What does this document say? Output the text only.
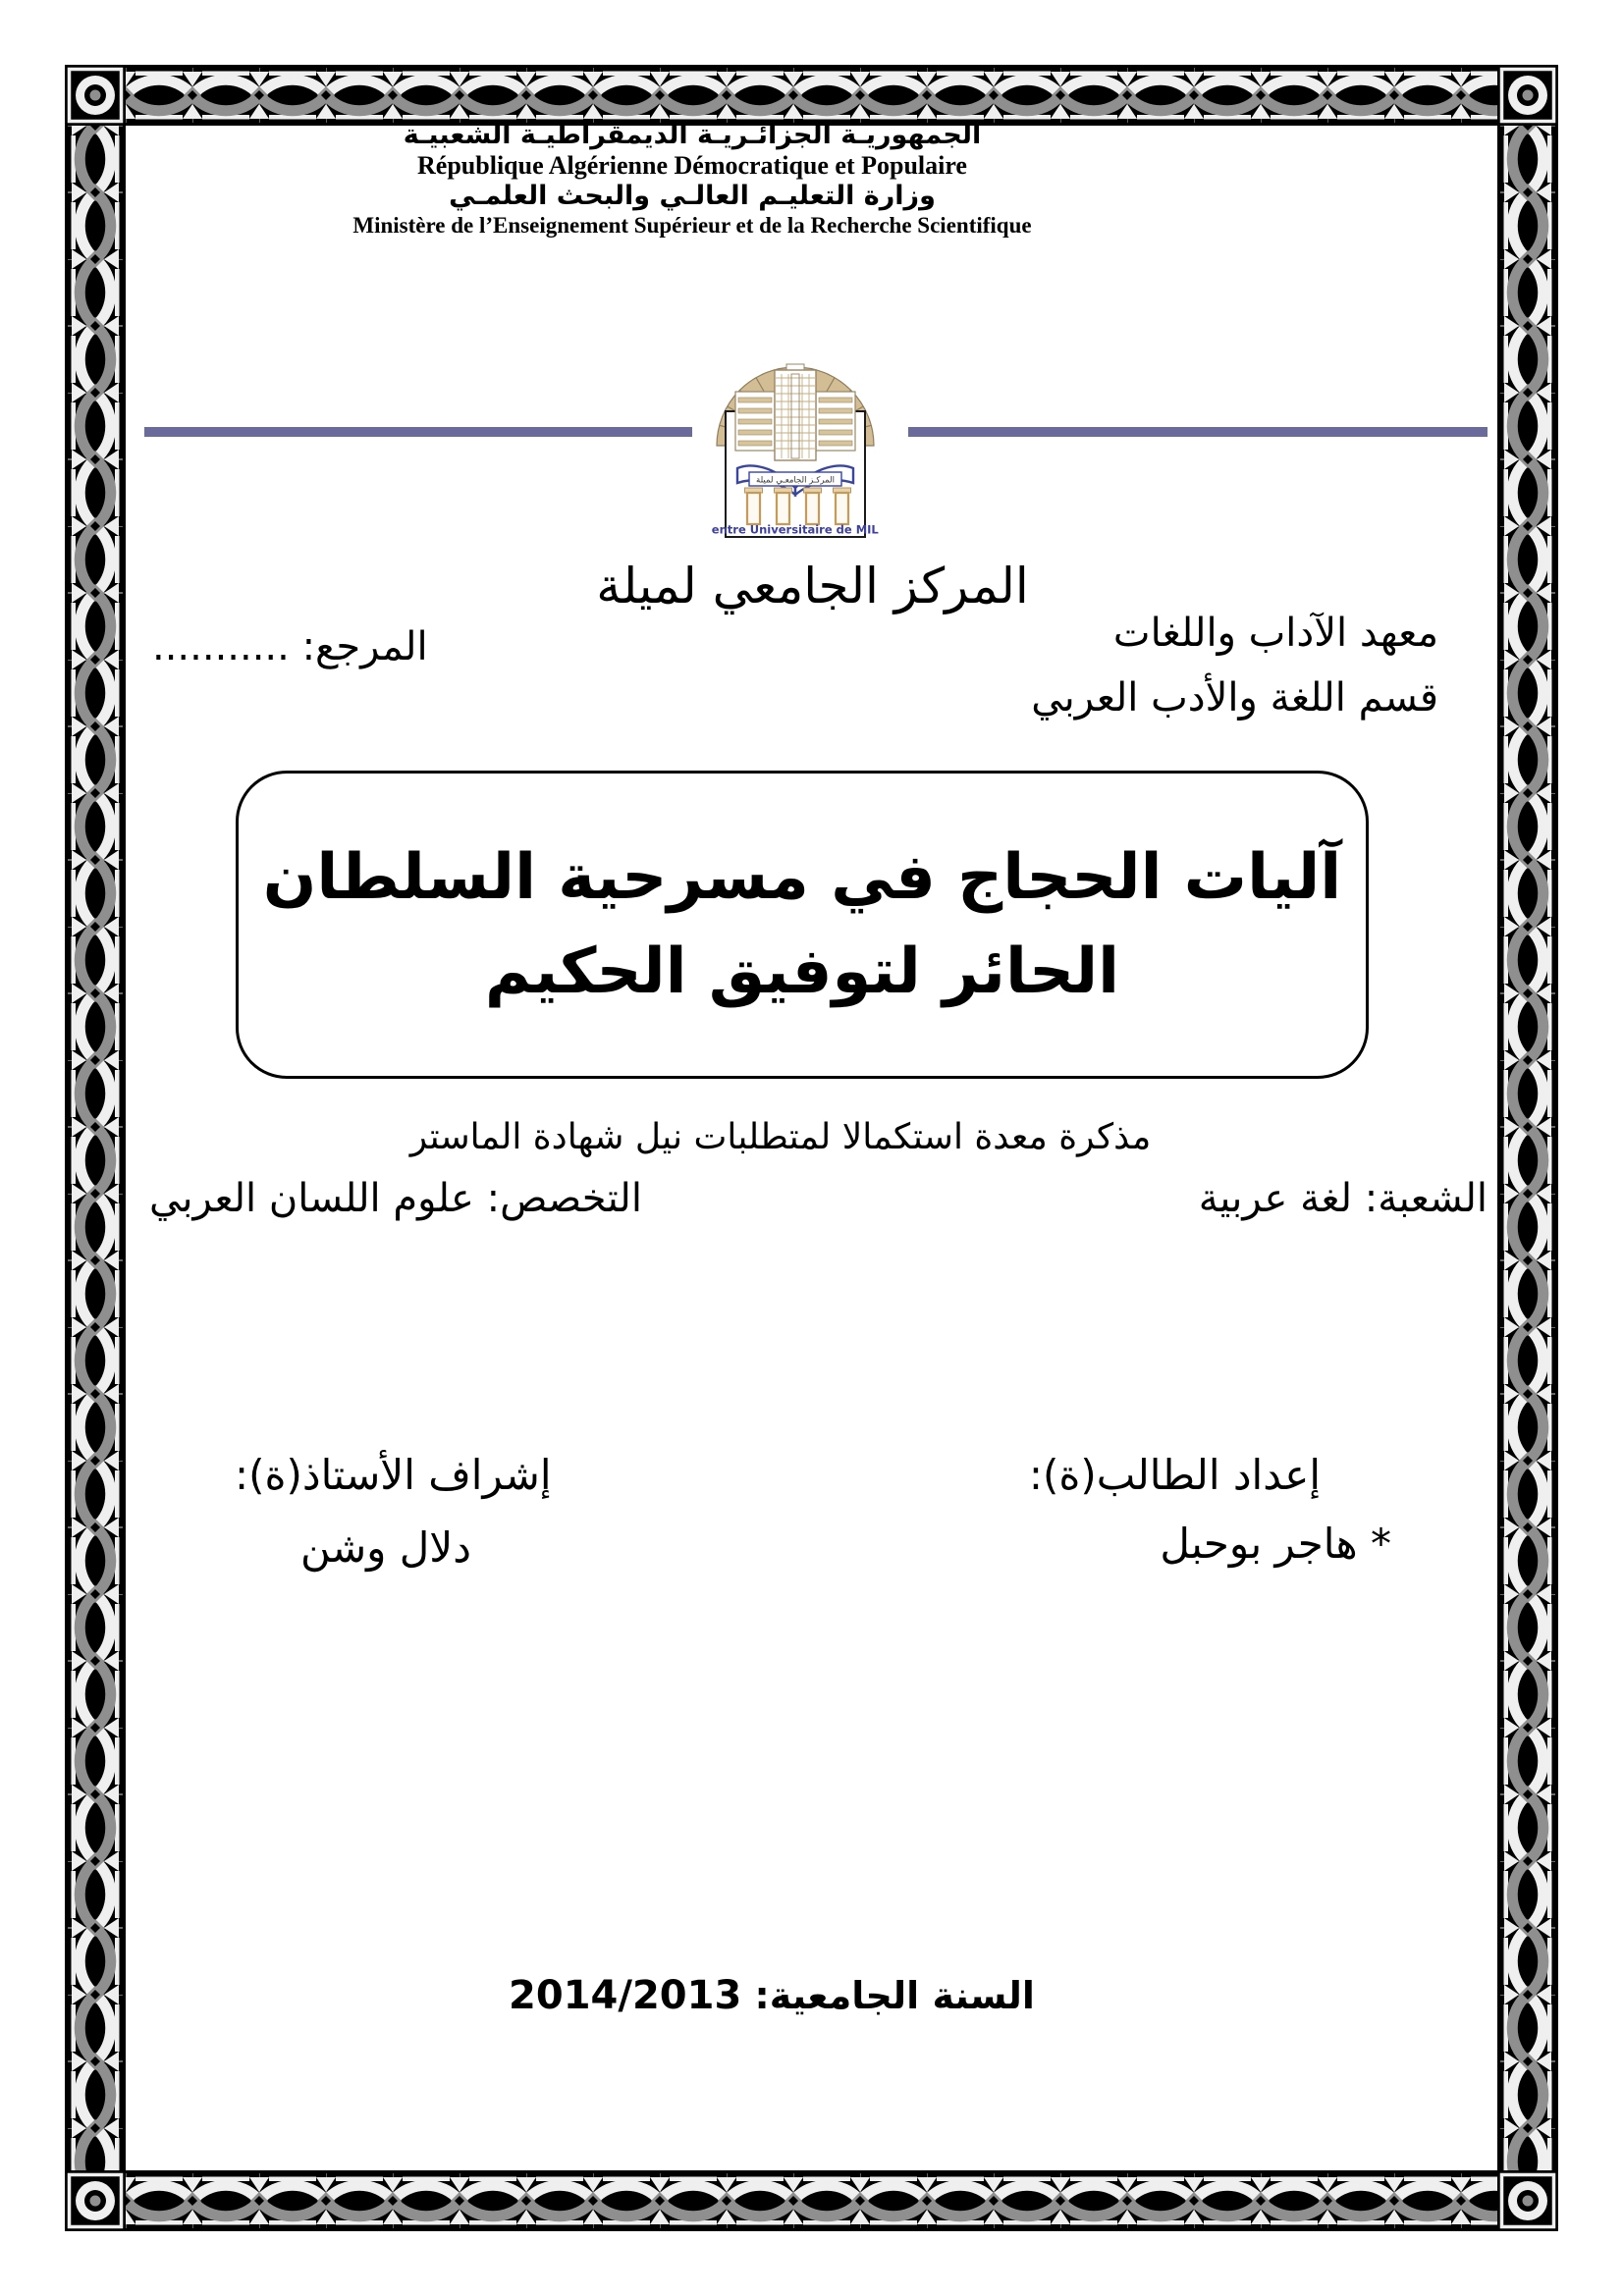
الجمهوريـة الجزائـريـة الديمقراطيـة الشعبيـة
République Algérienne Démocratique et Populaire
وزارة التعليـم العالـي والبحث العلمـي
Ministère de l’Enseignement Supérieur et de la Recherche Scientifique
المركـز الجامعـي لميلة
Centre Universitaire de MILA
المركز الجامعي لميلة
معهد الآداب واللغات
المرجع: ...........
قسم اللغة والأدب العربي
آليات الحجاج في مسرحية السلطان
الحائر لتوفيق الحكيم
مذكرة معدة استكمالا لمتطلبات نيل شهادة الماستر
الشعبة: لغة عربية
التخصص: علوم اللسان العربي
إعداد الطالب(ة):
إشراف الأستاذ(ة):
* هاجر بوحبل
دلال وشن
السنة الجامعية: 2014/2013
